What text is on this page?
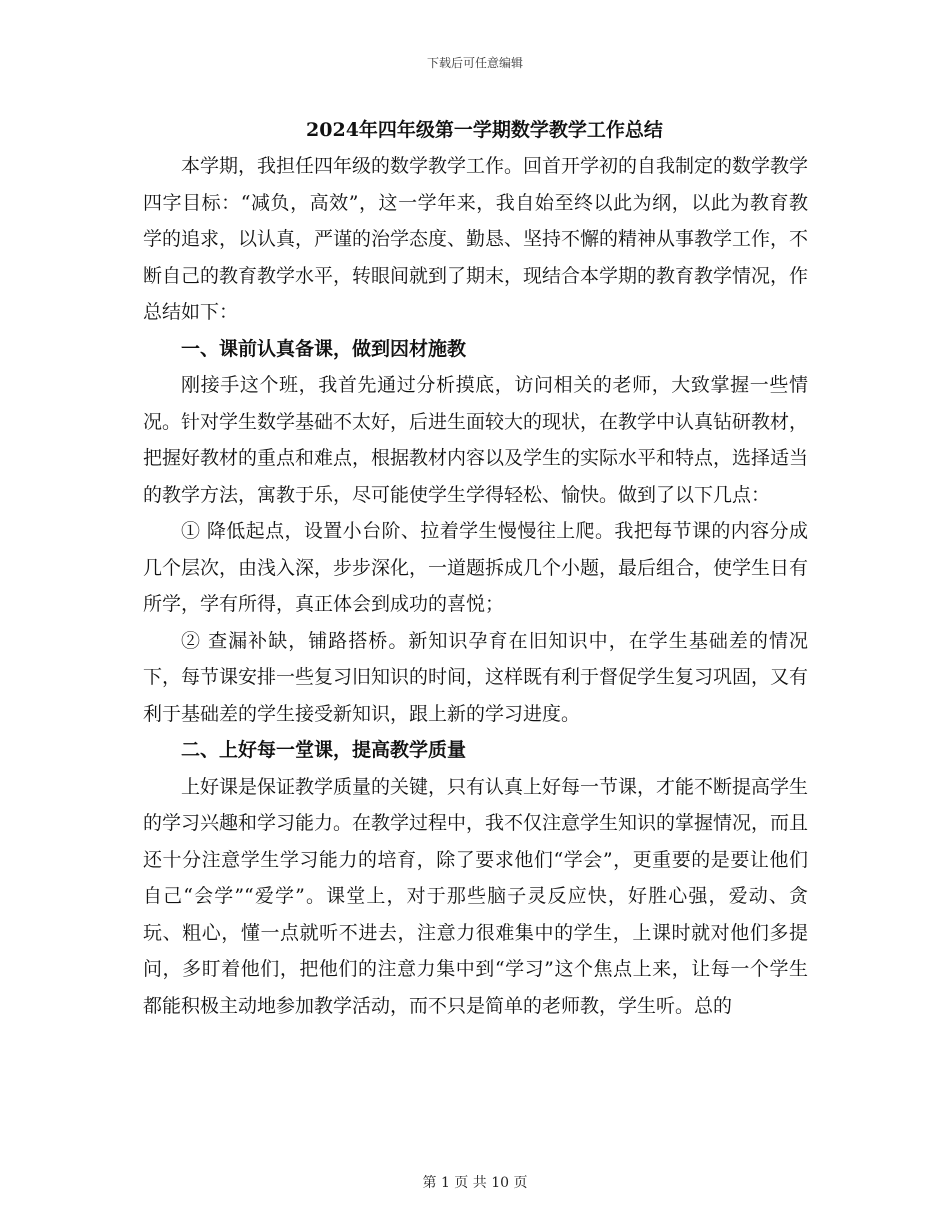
下载后可任意编辑
2024年四年级第一学期数学教学工作总结

本学期，我担任四年级的数学教学工作。回首开学初的自我制定的数学教学四字目标：“减负，高效”，这一学年来，我自始至终以此为纲，以此为教育教学的追求，以认真，严谨的治学态度、勤恳、坚持不懈的精神从事教学工作，不断自己的教育教学水平，转眼间就到了期末，现结合本学期的教育教学情况，作总结如下：

一、课前认真备课，做到因材施教

刚接手这个班，我首先通过分析摸底，访问相关的老师，大致掌握一些情况。针对学生数学基础不太好，后进生面较大的现状，在教学中认真钻研教材，把握好教材的重点和难点，根据教材内容以及学生的实际水平和特点，选择适当的教学方法，寓教于乐，尽可能使学生学得轻松、愉快。做到了以下几点：

① 降低起点，设置小台阶、拉着学生慢慢往上爬。我把每节课的内容分成几个层次，由浅入深，步步深化，一道题拆成几个小题，最后组合，使学生日有所学，学有所得，真正体会到成功的喜悦；

② 查漏补缺，铺路搭桥。新知识孕育在旧知识中，在学生基础差的情况下，每节课安排一些复习旧知识的时间，这样既有利于督促学生复习巩固，又有利于基础差的学生接受新知识，跟上新的学习进度。

二、上好每一堂课，提高教学质量

上好课是保证教学质量的关键，只有认真上好每一节课，才能不断提高学生的学习兴趣和学习能力。在教学过程中，我不仅注意学生知识的掌握情况，而且还十分注意学生学习能力的培育，除了要求他们“学会”，更重要的是要让他们自己“会学”“爱学”。课堂上，对于那些脑子灵反应快，好胜心强，爱动、贪玩、粗心，懂一点就听不进去，注意力很难集中的学生，上课时就对他们多提问，多盯着他们，把他们的注意力集中到“学习”这个焦点上来，让每一个学生都能积极主动地参加教学活动，而不只是简单的老师教，学生听。总的

第 1 页 共 10 页
